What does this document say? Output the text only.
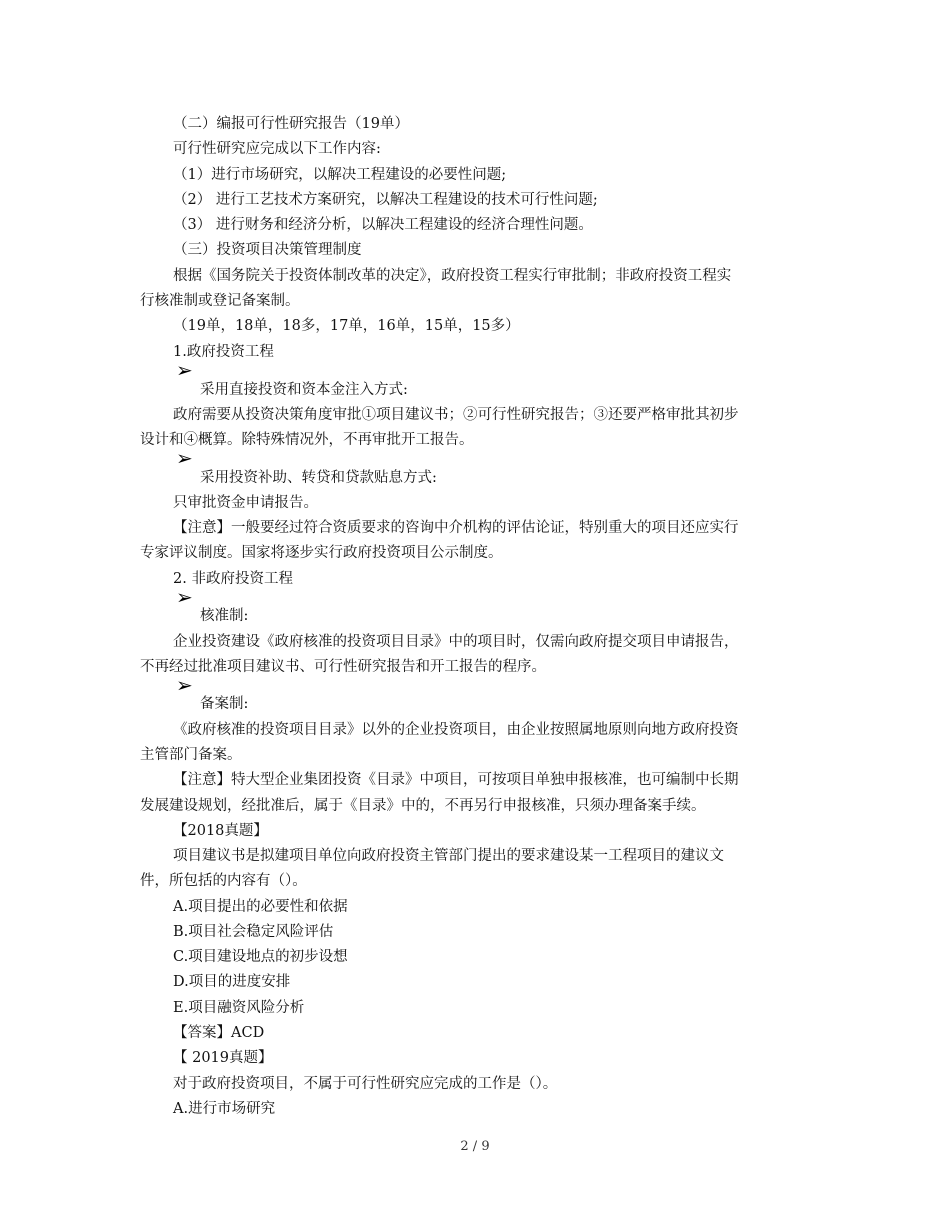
（二）编报可行性研究报告（19单）
可行性研究应完成以下工作内容:
（1）进行市场研究，以解决工程建设的必要性问题;
（2） 进行工艺技术方案研究，以解决工程建设的技术可行性问题;
（3） 进行财务和经济分析，以解决工程建设的经济合理性问题。
（三）投资项目决策管理制度
根据《国务院关于投资体制改革的决定》，政府投资工程实行审批制；非政府投资工程实
行核准制或登记备案制。
（19单，18单，18多，17单，16单，15单，15多）
1.政府投资工程
➢
采用直接投资和资本金注入方式:
政府需要从投资决策角度审批①项目建议书；②可行性研究报告；③还要严格审批其初步
设计和④概算。除特殊情况外，不再审批开工报告。
➢
采用投资补助、转贷和贷款贴息方式:
只审批资金申请报告。
【注意】一般要经过符合资质要求的咨询中介机构的评估论证，特别重大的项目还应实行
专家评议制度。国家将逐步实行政府投资项目公示制度。
2. 非政府投资工程
➢
核准制:
企业投资建设《政府核准的投资项目目录》中的项目时，仅需向政府提交项目申请报告，
不再经过批准项目建议书、可行性研究报告和开工报告的程序。
➢
备案制:
《政府核准的投资项目目录》以外的企业投资项目，由企业按照属地原则向地方政府投资
主管部门备案。
【注意】特大型企业集团投资《目录》中项目，可按项目单独申报核准，也可编制中长期
发展建设规划，经批准后，属于《目录》中的，不再另行申报核准，只须办理备案手续。
【2018真题】
项目建议书是拟建项目单位向政府投资主管部门提出的要求建设某一工程项目的建议文
件，所包括的内容有（）。
A.项目提出的必要性和依据
B.项目社会稳定风险评估
C.项目建设地点的初步设想
D.项目的进度安排
E.项目融资风险分析
【答案】ACD
【 2019真题】
对于政府投资项目，不属于可行性研究应完成的工作是（）。
A.进行市场研究
2 / 9
